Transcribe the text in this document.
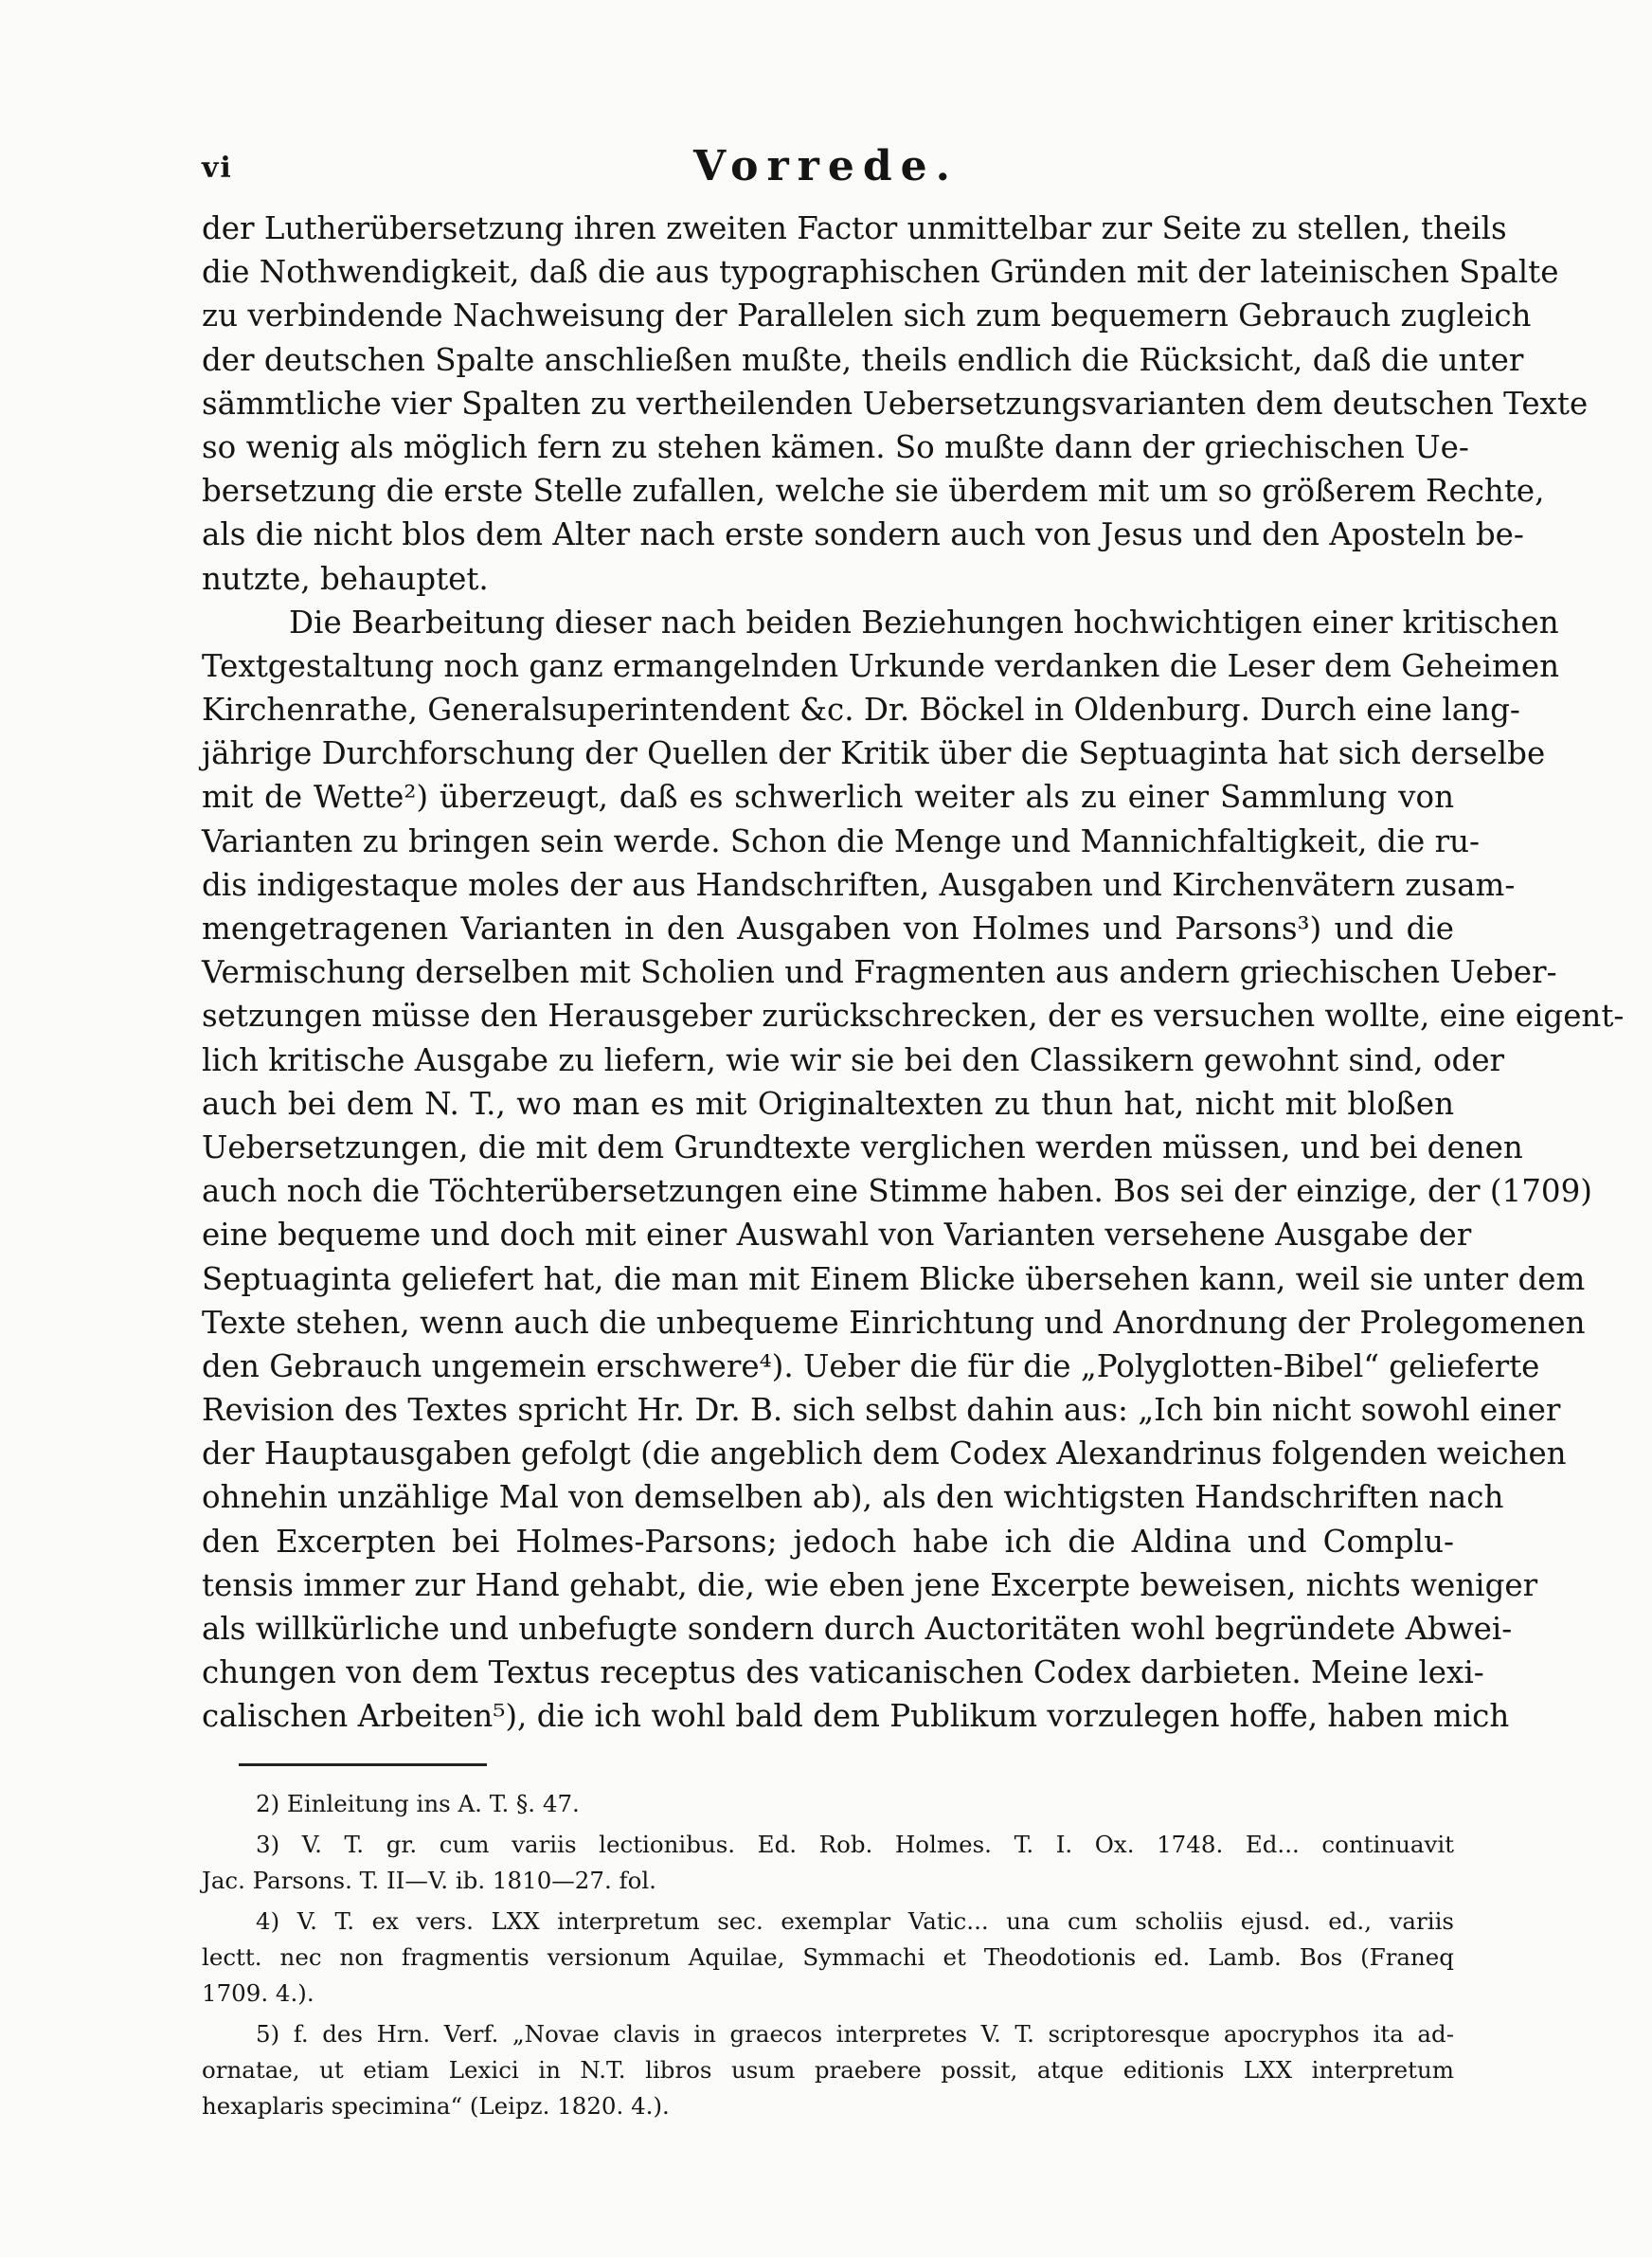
vi	Vorrede.
der Lutherübersetzung ihren zweiten Factor unmittelbar zur Seite zu stellen, theils
die Nothwendigkeit, daß die aus typographischen Gründen mit der lateinischen Spalte
zu verbindende Nachweisung der Parallelen sich zum bequemern Gebrauch zugleich
der deutschen Spalte anschließen mußte, theils endlich die Rücksicht, daß die unter
sämmtliche vier Spalten zu vertheilenden Uebersetzungsvarianten dem deutschen Texte
so wenig als möglich fern zu stehen kämen. So mußte dann der griechischen Ue-
bersetzung die erste Stelle zufallen, welche sie überdem mit um so größerem Rechte,
als die nicht blos dem Alter nach erste sondern auch von Jesus und den Aposteln be-
nutzte, behauptet.
Die Bearbeitung dieser nach beiden Beziehungen hochwichtigen einer kritischen
Textgestaltung noch ganz ermangelnden Urkunde verdanken die Leser dem Geheimen
Kirchenrathe, Generalsuperintendent &c. Dr. Böckel in Oldenburg. Durch eine lang-
jährige Durchforschung der Quellen der Kritik über die Septuaginta hat sich derselbe
mit de Wette²) überzeugt, daß es schwerlich weiter als zu einer Sammlung von
Varianten zu bringen sein werde. Schon die Menge und Mannichfaltigkeit, die ru-
dis indigestaque moles der aus Handschriften, Ausgaben und Kirchenvätern zusam-
mengetragenen Varianten in den Ausgaben von Holmes und Parsons³) und die
Vermischung derselben mit Scholien und Fragmenten aus andern griechischen Ueber-
setzungen müsse den Herausgeber zurückschrecken, der es versuchen wollte, eine eigent-
lich kritische Ausgabe zu liefern, wie wir sie bei den Classikern gewohnt sind, oder
auch bei dem N. T., wo man es mit Originaltexten zu thun hat, nicht mit bloßen
Uebersetzungen, die mit dem Grundtexte verglichen werden müssen, und bei denen
auch noch die Töchterübersetzungen eine Stimme haben. Bos sei der einzige, der (1709)
eine bequeme und doch mit einer Auswahl von Varianten versehene Ausgabe der
Septuaginta geliefert hat, die man mit Einem Blicke übersehen kann, weil sie unter dem
Texte stehen, wenn auch die unbequeme Einrichtung und Anordnung der Prolegomenen
den Gebrauch ungemein erschwere⁴). Ueber die für die „Polyglotten-Bibel“ gelieferte
Revision des Textes spricht Hr. Dr. B. sich selbst dahin aus: „Ich bin nicht sowohl einer
der Hauptausgaben gefolgt (die angeblich dem Codex Alexandrinus folgenden weichen
ohnehin unzählige Mal von demselben ab), als den wichtigsten Handschriften nach
den Excerpten bei Holmes-Parsons; jedoch habe ich die Aldina und Complu-
tensis immer zur Hand gehabt, die, wie eben jene Excerpte beweisen, nichts weniger
als willkürliche und unbefugte sondern durch Auctoritäten wohl begründete Abwei-
chungen von dem Textus receptus des vaticanischen Codex darbieten. Meine lexi-
calischen Arbeiten⁵), die ich wohl bald dem Publikum vorzulegen hoffe, haben mich
2) Einleitung ins A. T. §. 47.
3) V. T. gr. cum variis lectionibus. Ed. Rob. Holmes. T. I. Ox. 1748. Ed... continuavit
Jac. Parsons. T. II—V. ib. 1810—27. fol.
4) V. T. ex vers. LXX interpretum sec. exemplar Vatic... una cum scholiis ejusd. ed., variis
lectt. nec non fragmentis versionum Aquilae, Symmachi et Theodotionis ed. Lamb. Bos (Franeq
1709. 4.).
5) f. des Hrn. Verf. „Novae clavis in graecos interpretes V. T. scriptoresque apocryphos ita ad-
ornatae, ut etiam Lexici in N.T. libros usum praebere possit, atque editionis LXX interpretum
hexaplaris specimina“ (Leipz. 1820. 4.).
